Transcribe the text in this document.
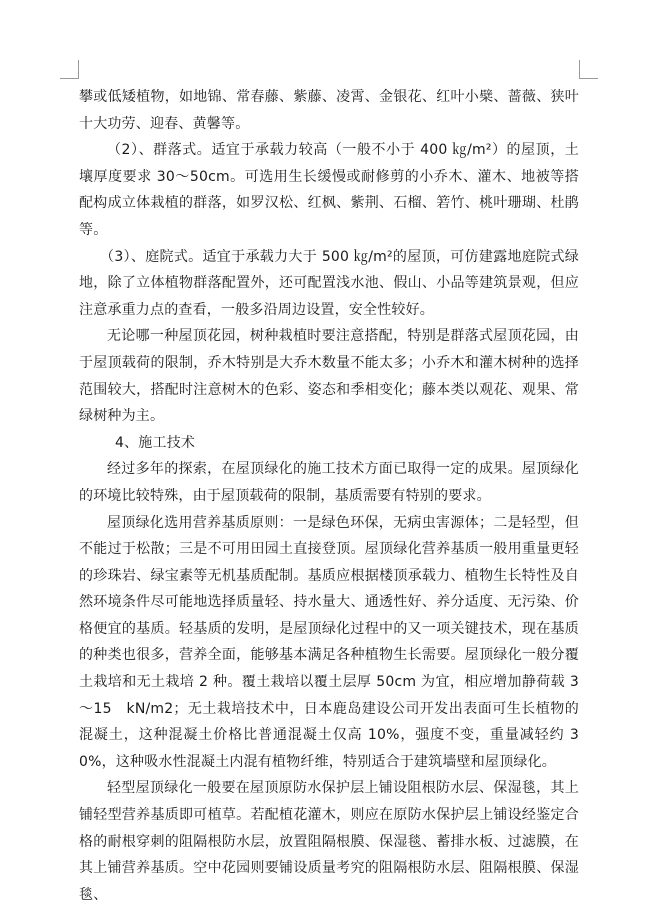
攀或低矮植物，如地锦、常春藤、紫藤、凌霄、金银花、红叶小檗、蔷薇、狭叶十大功劳、迎春、黄馨等。

（2）、群落式。适宜于承载力较高（一般不小于 400 ㎏/m²）的屋顶，土壤厚度要求 30～50cm。可选用生长缓慢或耐修剪的小乔木、灌木、地被等搭配构成立体栽植的群落，如罗汉松、红枫、紫荆、石榴、箬竹、桃叶珊瑚、杜鹃等。

（3）、庭院式。适宜于承载力大于 500 ㎏/m²的屋顶，可仿建露地庭院式绿地，除了立体植物群落配置外，还可配置浅水池、假山、小品等建筑景观，但应注意承重力点的查看，一般多沿周边设置，安全性较好。

无论哪一种屋顶花园，树种栽植时要注意搭配，特别是群落式屋顶花园，由于屋顶载荷的限制，乔木特别是大乔木数量不能太多；小乔木和灌木树种的选择范围较大，搭配时注意树木的色彩、姿态和季相变化；藤本类以观花、观果、常绿树种为主。

4、施工技术

经过多年的探索，在屋顶绿化的施工技术方面已取得一定的成果。屋顶绿化的环境比较特殊，由于屋顶载荷的限制，基质需要有特别的要求。

屋顶绿化选用营养基质原则：一是绿色环保，无病虫害源体；二是轻型，但不能过于松散；三是不可用田园土直接登顶。屋顶绿化营养基质一般用重量更轻的珍珠岩、绿宝素等无机基质配制。基质应根据楼顶承载力、植物生长特性及自然环境条件尽可能地选择质量轻、持水量大、通透性好、养分适度、无污染、价格便宜的基质。轻基质的发明，是屋顶绿化过程中的又一项关键技术，现在基质的种类也很多，营养全面，能够基本满足各种植物生长需要。屋顶绿化一般分覆土栽培和无土栽培 2 种。覆土栽培以覆土层厚 50cm 为宜，相应增加静荷载 3～15　kN/m2；无土栽培技术中，日本鹿岛建设公司开发出表面可生长植物的混凝土，这种混凝土价格比普通混凝土仅高 10%，强度不变，重量减轻约 30%，这种吸水性混凝土内混有植物纤维，特别适合于建筑墙壁和屋顶绿化。

轻型屋顶绿化一般要在屋顶原防水保护层上铺设阻根防水层、保湿毯，其上铺轻型营养基质即可植草。若配植花灌木，则应在原防水保护层上铺设经鉴定合格的耐根穿刺的阻隔根防水层，放置阻隔根膜、保湿毯、蓄排水板、过滤膜，在其上铺营养基质。空中花园则要铺设质量考究的阻隔根防水层、阻隔根膜、保湿毯、
